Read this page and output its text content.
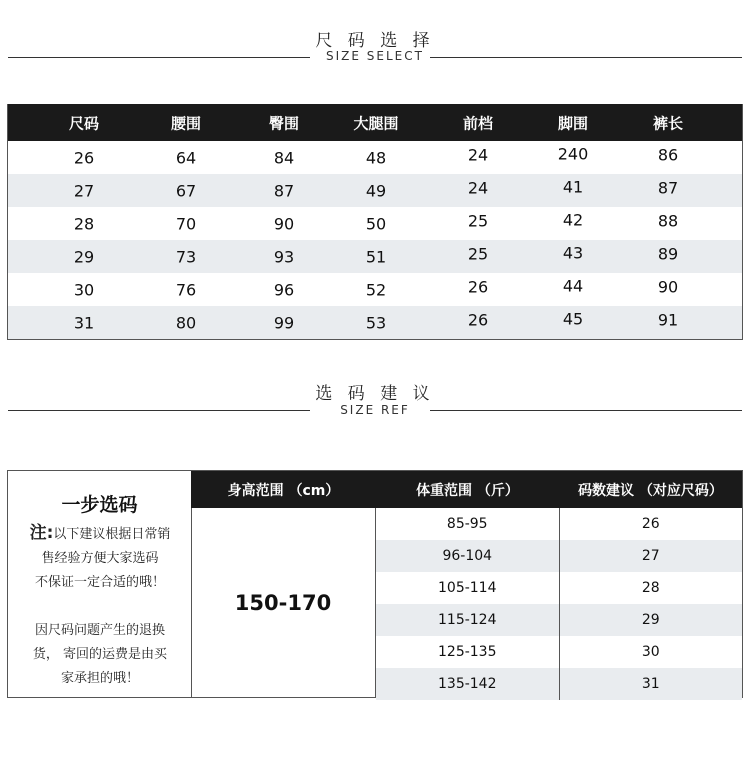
尺 码 选 择
SIZE SELECT
尺码	腰围	臀围	大腿围	前档	脚围	裤长
26	64	84	48	24	240	86
27	67	87	49	24	41	87
28	70	90	50	25	42	88
29	73	93	51	25	43	89
30	76	96	52	26	44	90
31	80	99	53	26	45	91
选 码 建 议
SIZE REF
一步选码

注:以下建议根据日常销

售经验方便大家选码

不保证一定合适的哦！

因尺码问题产生的退换

货， 寄回的运费是由买

家承担的哦！

身高范围 （cm）	体重范围 （斤）	码数建议 （对应尺码）
150-170
85-95	26
96-104	27
105-114	28
115-124	29
125-135	30
135-142	31
